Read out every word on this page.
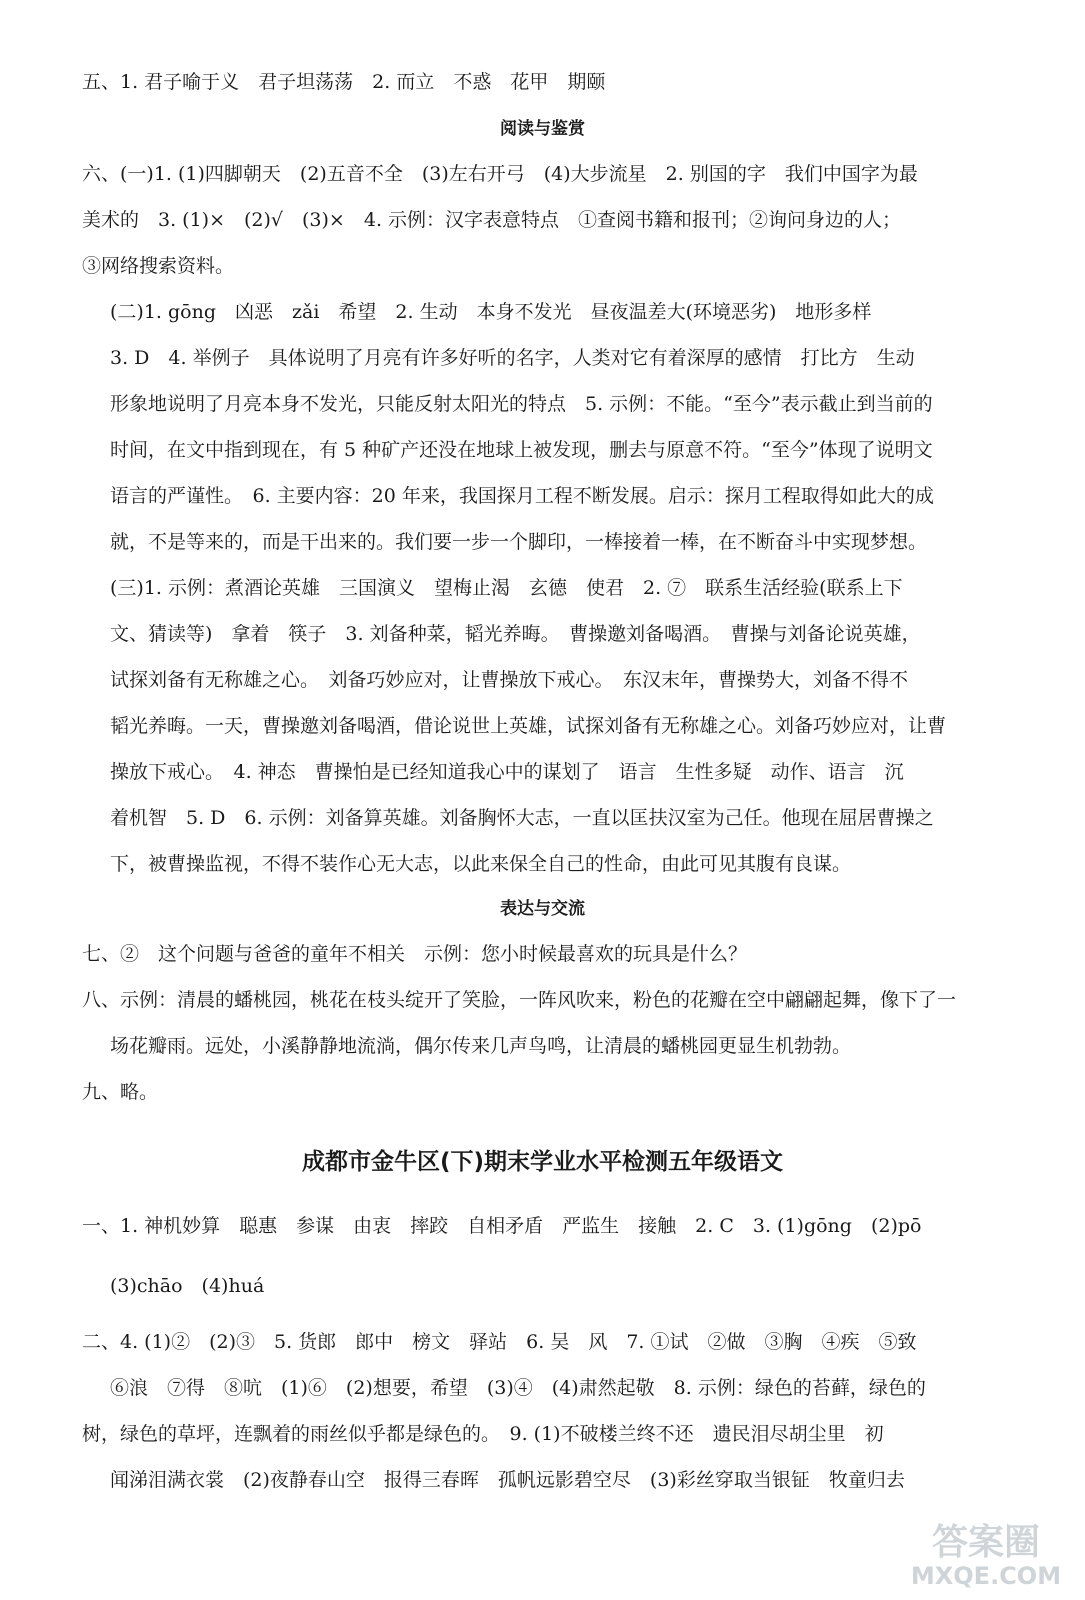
五、1. 君子喻于义　君子坦荡荡　2. 而立　不惑　花甲　期颐
阅读与鉴赏
六、(一)1. (1)四脚朝天　(2)五音不全　(3)左右开弓　(4)大步流星　2. 别国的字　我们中国字为最
美术的　3. (1)×　(2)√　(3)×　4. 示例：汉字表意特点　①查阅书籍和报刊；②询问身边的人；
③网络搜索资料。
(二)1. gōng　凶恶　zǎi　希望　2. 生动　本身不发光　昼夜温差大(环境恶劣)　地形多样
3. D　4. 举例子　具体说明了月亮有许多好听的名字，人类对它有着深厚的感情　打比方　生动
形象地说明了月亮本身不发光，只能反射太阳光的特点　5. 示例：不能。“至今”表示截止到当前的
时间，在文中指到现在，有 5 种矿产还没在地球上被发现，删去与原意不符。“至今”体现了说明文
语言的严谨性。　6. 主要内容：20 年来，我国探月工程不断发展。启示：探月工程取得如此大的成
就，不是等来的，而是干出来的。我们要一步一个脚印，一棒接着一棒，在不断奋斗中实现梦想。
(三)1. 示例：煮酒论英雄　三国演义　望梅止渴　玄德　使君　2. ⑦　联系生活经验(联系上下
文、猜读等)　拿着　筷子　3. 刘备种菜，韬光养晦。　曹操邀刘备喝酒。　曹操与刘备论说英雄，
试探刘备有无称雄之心。　刘备巧妙应对，让曹操放下戒心。　东汉末年，曹操势大，刘备不得不
韬光养晦。一天，曹操邀刘备喝酒，借论说世上英雄，试探刘备有无称雄之心。刘备巧妙应对，让曹
操放下戒心。　4. 神态　曹操怕是已经知道我心中的谋划了　语言　生性多疑　动作、语言　沉
着机智　5. D　6. 示例：刘备算英雄。刘备胸怀大志，一直以匡扶汉室为己任。他现在屈居曹操之
下，被曹操监视，不得不装作心无大志，以此来保全自己的性命，由此可见其腹有良谋。
表达与交流
七、②　这个问题与爸爸的童年不相关　示例：您小时候最喜欢的玩具是什么？
八、示例：清晨的蟠桃园，桃花在枝头绽开了笑脸，一阵风吹来，粉色的花瓣在空中翩翩起舞，像下了一
场花瓣雨。远处，小溪静静地流淌，偶尔传来几声鸟鸣，让清晨的蟠桃园更显生机勃勃。
九、略。
成都市金牛区(下)期末学业水平检测五年级语文
一、1. 神机妙算　聪惠　参谋　由衷　摔跤　自相矛盾　严监生　接触　2. C　3. (1)gōng　(2)pō
(3)chāo　(4)huá
二、4. (1)②　(2)③　5. 货郎　郎中　榜文　驿站　6. 吴　风　7. ①试　②做　③胸　④疾　⑤致
⑥浪　⑦得　⑧吭　(1)⑥　(2)想要，希望　(3)④　(4)肃然起敬　8. 示例：绿色的苔藓，绿色的
树，绿色的草坪，连飘着的雨丝似乎都是绿色的。　9. (1)不破楼兰终不还　遗民泪尽胡尘里　初
闻涕泪满衣裳　(2)夜静春山空　报得三春晖　孤帆远影碧空尽　(3)彩丝穿取当银钲　牧童归去
答案圈
MXQE.COM
